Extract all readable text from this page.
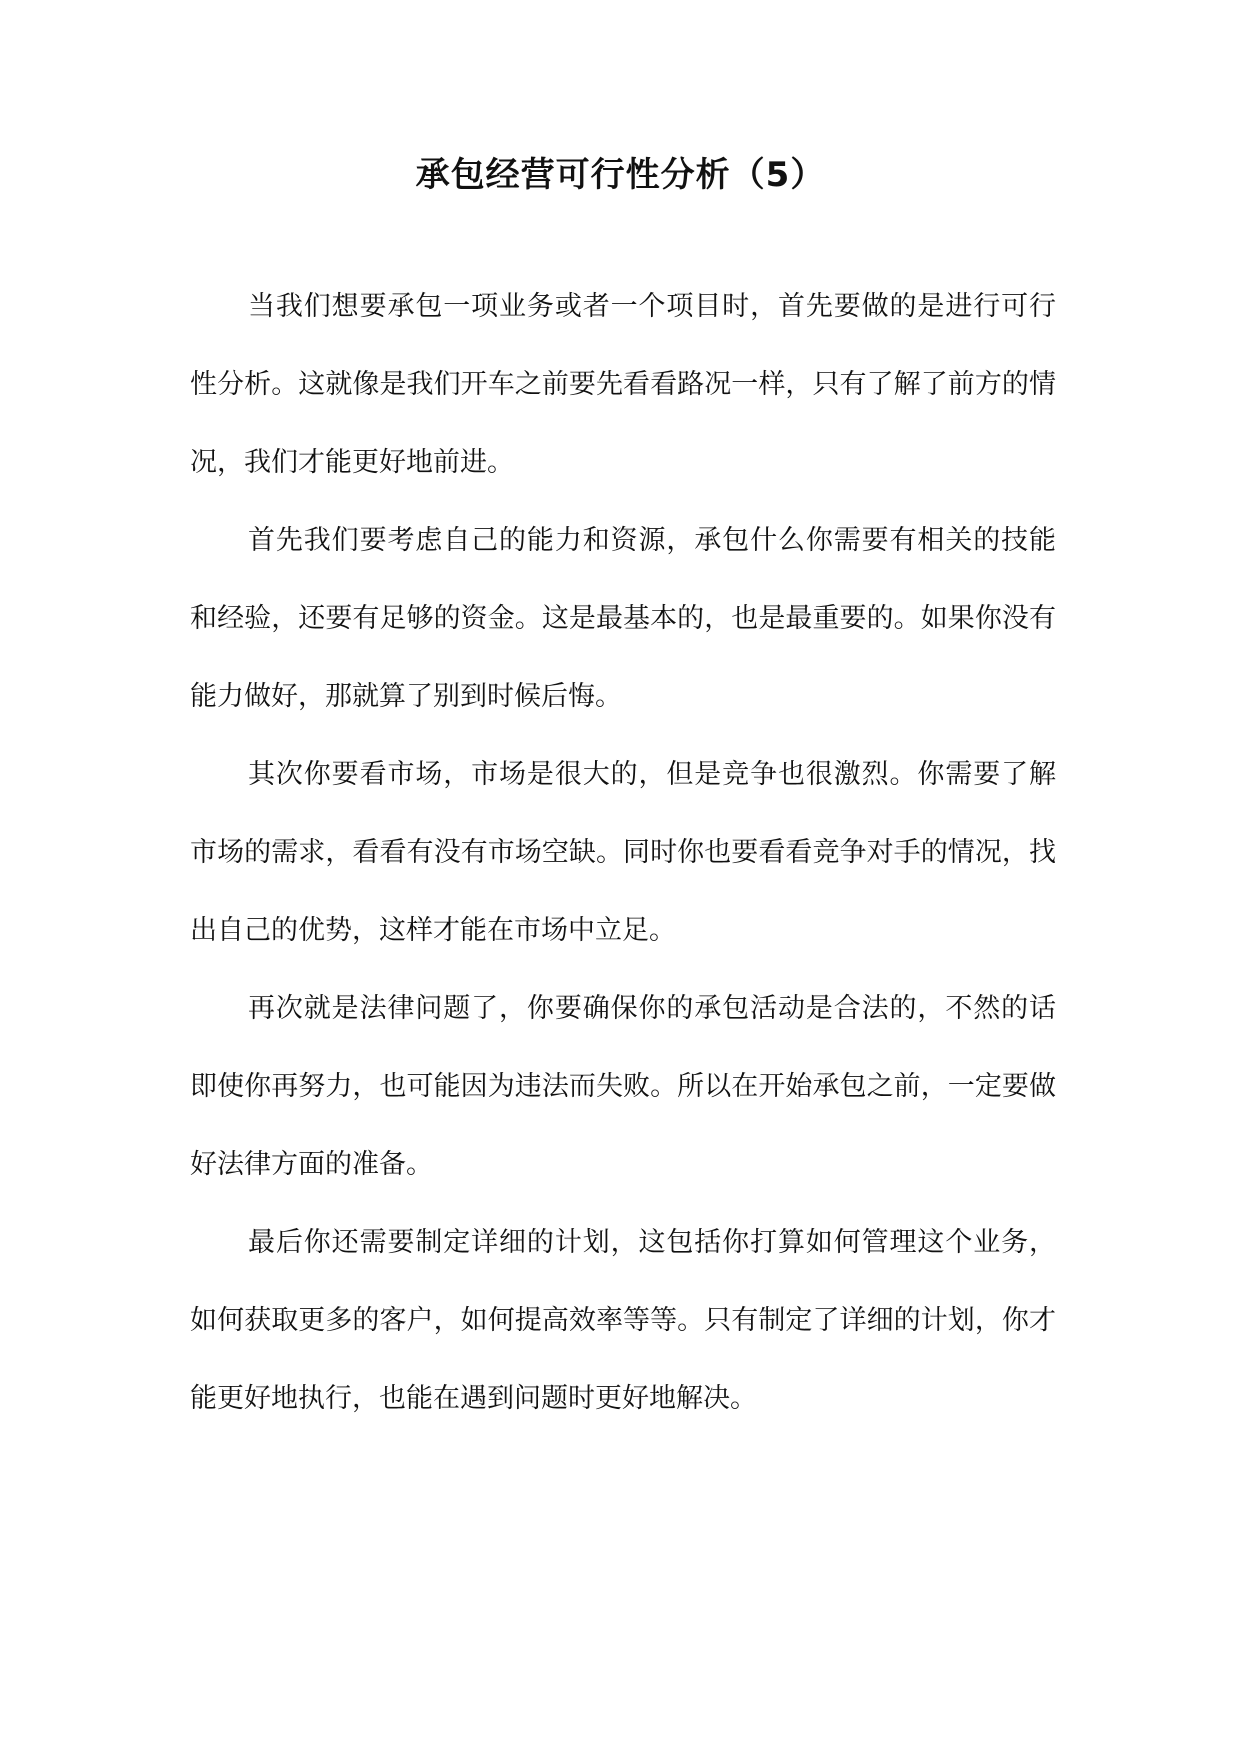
承包经营可行性分析（5）

当我们想要承包一项业务或者一个项目时，首先要做的是进行可行性分析。这就像是我们开车之前要先看看路况一样，只有了解了前方的情况，我们才能更好地前进。

首先我们要考虑自己的能力和资源，承包什么你需要有相关的技能和经验，还要有足够的资金。这是最基本的，也是最重要的。如果你没有能力做好，那就算了别到时候后悔。

其次你要看市场，市场是很大的，但是竞争也很激烈。你需要了解市场的需求，看看有没有市场空缺。同时你也要看看竞争对手的情况，找出自己的优势，这样才能在市场中立足。

再次就是法律问题了，你要确保你的承包活动是合法的，不然的话即使你再努力，也可能因为违法而失败。所以在开始承包之前，一定要做好法律方面的准备。

最后你还需要制定详细的计划，这包括你打算如何管理这个业务，如何获取更多的客户，如何提高效率等等。只有制定了详细的计划，你才能更好地执行，也能在遇到问题时更好地解决。
